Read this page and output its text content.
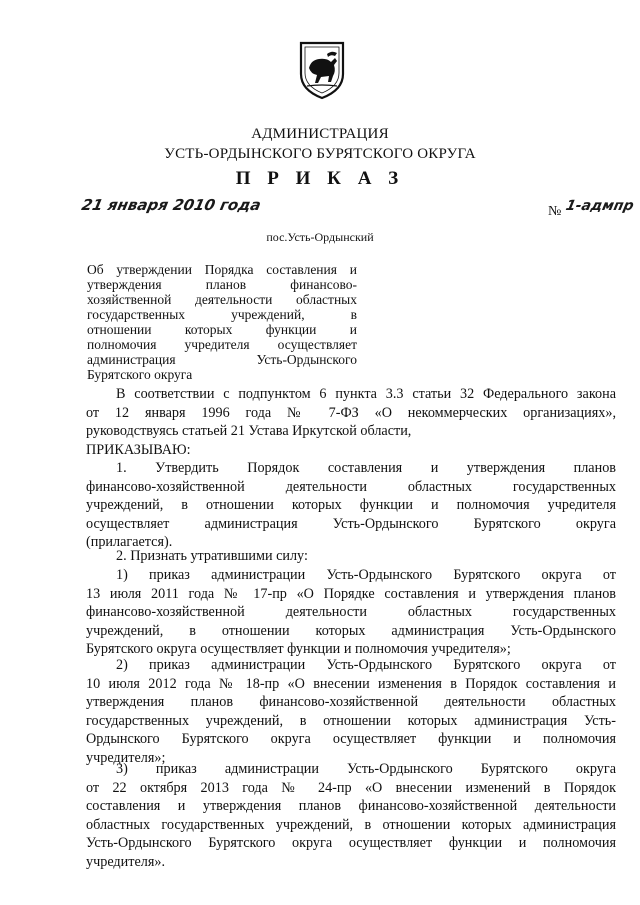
АДМИНИСТРАЦИЯ
УСТЬ-ОРДЫНСКОГО БУРЯТСКОГО ОКРУГА
П Р И К А З
21 января 2010 года	№ 1-адмпр
пос.Усть-Ордынский
Об утверждении Порядка составления и
утверждения планов финансово-
хозяйственной деятельности областных
государственных учреждений, в
отношении которых функции и
полномочия учредителя осуществляет
администрация Усть-Ордынского
Бурятского округа
В соответствии с подпунктом 6 пункта 3.3 статьи 32 Федерального закона
от 12 января 1996 года № 7-ФЗ «О некоммерческих организациях»,
руководствуясь статьей 21 Устава Иркутской области,
ПРИКАЗЫВАЮ:
1. Утвердить Порядок составления и утверждения планов
финансово-хозяйственной деятельности областных государственных
учреждений, в отношении которых функции и полномочия учредителя
осуществляет администрация Усть-Ордынского Бурятского округа
(прилагается).
2. Признать утратившими силу:
1) приказ администрации Усть-Ордынского Бурятского округа от
13 июля 2011 года № 17-пр «О Порядке составления и утверждения планов
финансово-хозяйственной деятельности областных государственных
учреждений, в отношении которых администрация Усть-Ордынского
Бурятского округа осуществляет функции и полномочия учредителя»;
2) приказ администрации Усть-Ордынского Бурятского округа от
10 июля 2012 года № 18-пр «О внесении изменения в Порядок составления и
утверждения планов финансово-хозяйственной деятельности областных
государственных учреждений, в отношении которых администрация Усть-
Ордынского Бурятского округа осуществляет функции и полномочия
учредителя»;
3) приказ администрации Усть-Ордынского Бурятского округа
от 22 октября 2013 года № 24-пр «О внесении изменений в Порядок
составления и утверждения планов финансово-хозяйственной деятельности
областных государственных учреждений, в отношении которых администрация
Усть-Ордынского Бурятского округа осуществляет функции и полномочия
учредителя».
